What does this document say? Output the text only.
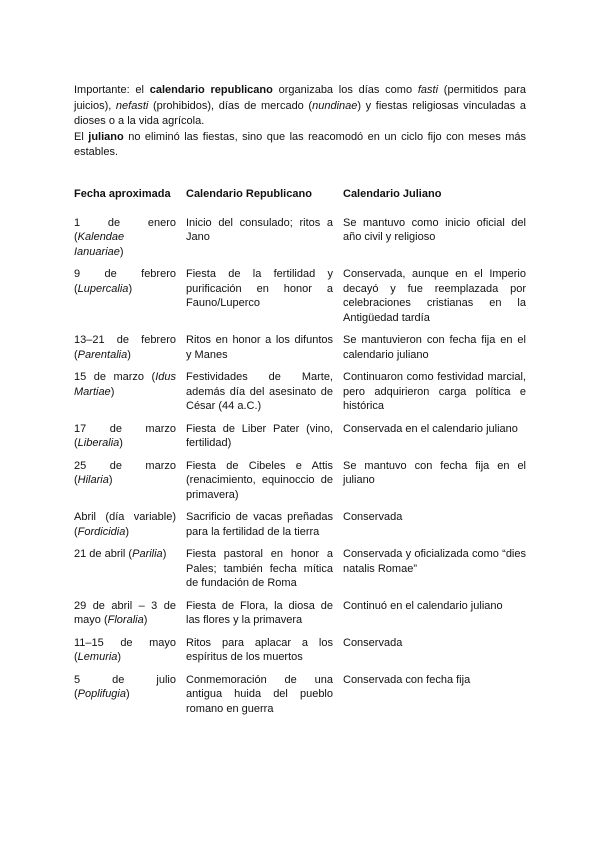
Importante: el calendario republicano organizaba los días como fasti (permitidos para juicios), nefasti (prohibidos), días de mercado (nundinae) y fiestas religiosas vinculadas a dioses o a la vida agrícola.

El juliano no eliminó las fiestas, sino que las reacomodó en un ciclo fijo con meses más estables.

Fecha aproximada	Calendario Republicano	Calendario Juliano

1 de enero
(Kalendae Ianuariae)	Inicio del consulado; ritos a Jano	Se mantuvo como inicio oficial del año civil y religioso

9 de febrero
(Lupercalia)	Fiesta de la fertilidad y purificación en honor a Fauno/Luperco	Conservada, aunque en el Imperio decayó y fue reemplazada por celebraciones cristianas en la Antigüedad tardía

13–21 de febrero
(Parentalia)	Ritos en honor a los difuntos y Manes	Se mantuvieron con fecha fija en el calendario juliano
15 de marzo (Idus Martiae)	Festividades de Marte, además día del asesinato de César (44 a.C.)	Continuaron como festividad marcial, pero adquirieron carga política e histórica

17 de marzo
(Liberalia)	Fiesta de Liber Pater (vino, fertilidad)	Conservada en el calendario juliano

25 de marzo
(Hilaria)	Fiesta de Cibeles e Attis (renacimiento, equinoccio de primavera)	Se mantuvo con fecha fija en el juliano

Abril (día variable)
(Fordicidia)	Sacrificio de vacas preñadas para la fertilidad de la tierra	Conservada
21 de abril (Parilia)	Fiesta pastoral en honor a Pales; también fecha mítica de fundación de Roma	Conservada y oficializada como “dies natalis Romae”
29 de abril – 3 de mayo (Floralia)	Fiesta de Flora, la diosa de las flores y la primavera	Continuó en el calendario juliano

11–15 de mayo
(Lemuria)	Ritos para aplacar a los espíritus de los muertos	Conservada

5 de julio
(Poplifugia)	Conmemoración de una antigua huida del pueblo romano en guerra	Conservada con fecha fija
